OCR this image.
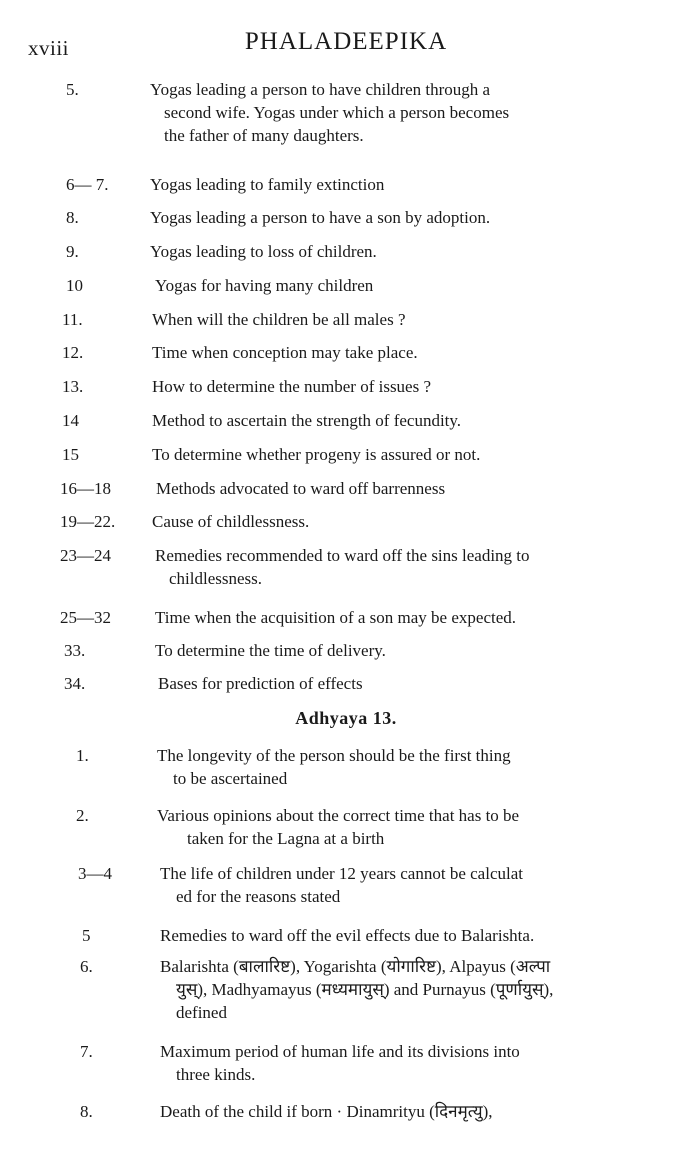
xviii	PHALADEEPIKA
5.	Yogas leading a person to have children through a
second wife. Yogas under which a person becomes
the father of many daughters.
6— 7. Yogas leading to family extinction
8.	Yogas leading a person to have a son by adoption.
9.	Yogas leading to loss of children.
10	Yogas for having many children
11.	When will the children be all males ?
12.	Time when conception may take place.
13.	How to determine the number of issues ?
14	Method to ascertain the strength of fecundity.
15	To determine whether progeny is assured or not.
16—18	Methods advocated to ward off barrenness
19—22. Cause of childlessness.
23—24	Remedies recommended to ward off the sins leading to
childlessness.
25—32	Time when the acquisition of a son may be expected.
33.	To determine the time of delivery.
34.	Bases for prediction of effects
Adhyaya 13.
1.	The longevity of the person should be the first thing
to be ascertained
2.	Various opinions about the correct time that has to be
taken for the Lagna at a birth
3—4	The life of children under 12 years cannot be calculat
ed for the reasons stated
5	Remedies to ward off the evil effects due to Balarishta.
6.	Balarishta (बालारिष्ट), Yogarishta (योगारिष्ट), Alpayus (अल्पा
युस्), Madhyamayus (मध्यमायुस्) and Purnayus (पूर्णायुस्),
defined
7.	Maximum period of human life and its divisions into
three kinds.
8.	Death of the child if born · Dinamrityu (दिनमृत्यु),
